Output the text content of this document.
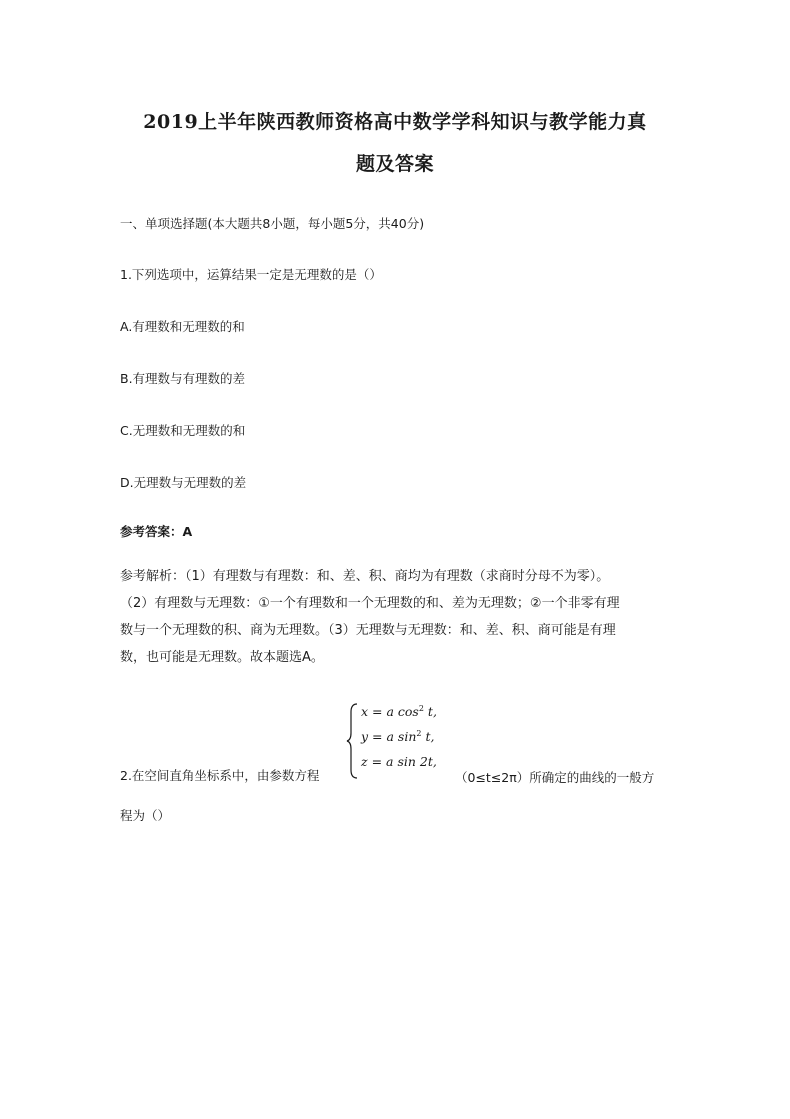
2019上半年陕西教师资格高中数学学科知识与教学能力真
题及答案
一、单项选择题(本大题共8小题，每小题5分，共40分)
1.下列选项中，运算结果一定是无理数的是（）
A.有理数和无理数的和
B.有理数与有理数的差
C.无理数和无理数的和
D.无理数与无理数的差
参考答案：A
参考解析：（1）有理数与有理数：和、差、积、商均为有理数（求商时分母不为零）。
（2）有理数与无理数：①一个有理数和一个无理数的和、差为无理数；②一个非零有理
数与一个无理数的积、商为无理数。（3）无理数与无理数：和、差、积、商可能是有理
数，也可能是无理数。故本题选A。
x = a $\cos^2 t$,
y = a $\sin^2 t$,
z = a sin 2t,
2.在空间直角坐标系中，由参数方程	（0≤t≤2π）所确定的曲线的一般方
程为（）
